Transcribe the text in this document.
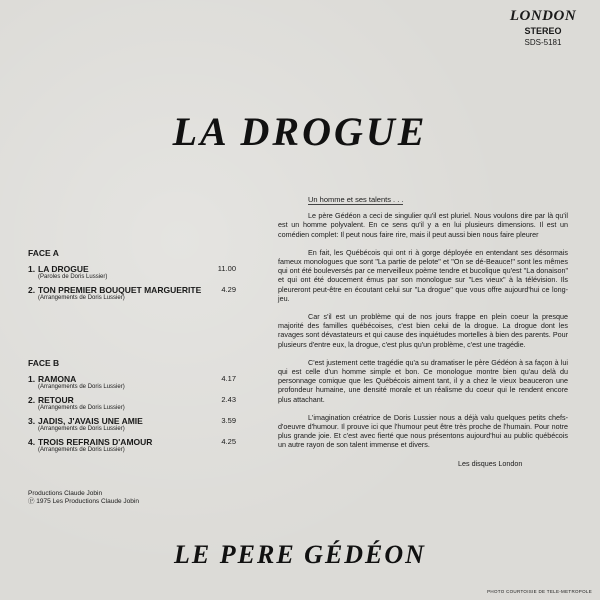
LONDON
STEREO
SDS-5181
LA DROGUE
FACE A
1. LA DROGUE
(Paroles de Doris Lussier)
11.00
2. TON PREMIER BOUQUET MARGUERITE
(Arrangements de Doris Lussier)
4.29
FACE B
1. RAMONA
(Arrangements de Doris Lussier)
4.17
2. RETOUR
(Arrangements de Doris Lussier)
2.43
3. JADIS, J'AVAIS UNE AMIE
(Arrangements de Doris Lussier)
3.59
4. TROIS REFRAINS D'AMOUR
(Arrangements de Doris Lussier)
4.25
Productions Claude Jobin
Ⓟ 1975 Les Productions Claude Jobin
Un homme et ses talents . . .

Le père Gédéon a ceci de singulier qu'il est pluriel. Nous voulons dire par là qu'il est un homme polyvalent. En ce sens qu'il y a en lui plusieurs dimensions. Il est un comédien complet: Il peut nous faire rire, mais il peut aussi bien nous faire pleurer

En fait, les Québécois qui ont ri à gorge déployée en entendant ses désormais fameux monologues que sont "La partie de pelote" et "On se dé-Beauce!" sont les mêmes qui ont été bouleversés par ce merveilleux poème tendre et bucolique qu'est "La donaison" et qui ont été doucement émus par son monologue sur "Les vieux" à la télévision. Ils pleureront peut-être en écoutant celui sur "La drogue" que vous offre aujourd'hui ce long-jeu.

Car s'il est un problème qui de nos jours frappe en plein coeur la presque majorité des familles québécoises, c'est bien celui de la drogue. La drogue dont les ravages sont dévastateurs et qui cause des inquiétudes mortelles à bien des parents. Pour plusieurs d'entre eux, la drogue, c'est plus qu'un problème, c'est une tragédie.

C'est justement cette tragédie qu'a su dramatiser le père Gédéon à sa façon à lui qui est celle d'un homme simple et bon. Ce monologue montre bien qu'au delà du personnage comique que les Québécois aiment tant, il y a chez le vieux beauceron une profondeur humaine, une densité morale et un réalisme du coeur qui le rendent encore plus attachant.

L'imagination créatrice de Doris Lussier nous a déjà valu quelques petits chefs-d'oeuvre d'humour. Il prouve ici que l'humour peut être très proche de l'humain. Pour notre plus grande joie. Et c'est avec fierté que nous présentons aujourd'hui au public québécois un autre rayon de son talent immense et divers.

Les disques London
LE PERE GÉDÉON
PHOTO COURTOISIE DE TELE-METROPOLE
